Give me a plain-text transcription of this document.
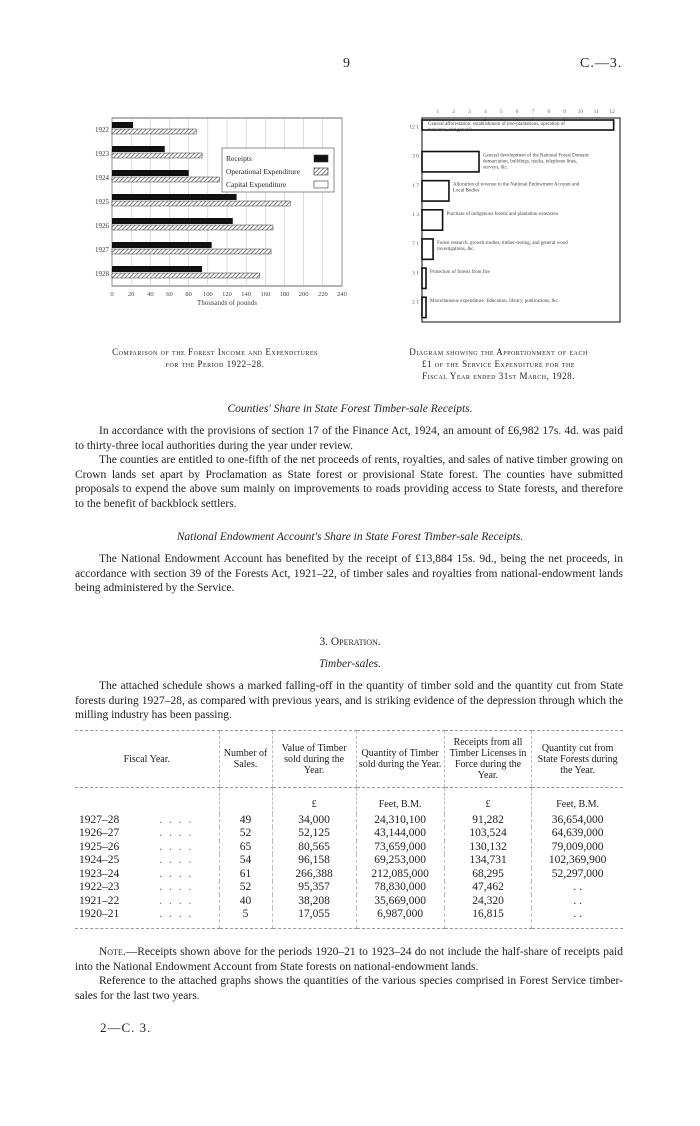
9	C.—3.
0 20 40 60 80 100 120 140 160 180 200 220 240
Thousands of pounds
1922
1923
1924
1925
1926
1927
1928
Receipts
Operational Expenditure
Capital Expenditure
Comparison of the Forest Income and Expenditures
for the Period 1922–28.
1 2 3 4 5 6 7 8 9 10 11 12
12 1
General afforestation: establishment of tree-plantations, operation of
nurseries, and general
3 6	General development of the National Forest Domain:
demarcation, buildings, tracks, telephone lines,
surveys, &c.
1 7	Allocation of revenue to the National Endowment Account and
Local Bodies
1 3	Purchase of indigenous forests and plantation extension
7 1	Forest research, growth studies, timber-testing, and general wood
investigations, &c.
3 1 Protection of forests from fire
2 1 Miscellaneous expenditure: Education, library, publications, &c.
Diagram showing the Apportionment of each
£1 of the Service Expenditure for the
Fiscal Year ended 31st March, 1928.
Counties' Share in State Forest Timber-sale Receipts.

In accordance with the provisions of section 17 of the Finance Act, 1924, an amount of £6,982 17s. 4d. was paid to thirty-three local authorities during the year under review.

The counties are entitled to one-fifth of the net proceeds of rents, royalties, and sales of native timber growing on Crown lands set apart by Proclamation as State forest or provisional State forest. The counties have submitted proposals to expend the above sum mainly on improvements to roads providing access to State forests, and therefore to the benefit of backblock settlers.

National Endowment Account's Share in State Forest Timber-sale Receipts.

The National Endowment Account has benefited by the receipt of £13,884 15s. 9d., being the net proceeds, in accordance with section 39 of the Forests Act, 1921–22, of timber sales and royalties from national-endowment lands being administered by the Service.

3. Operation.
Timber-sales.

The attached schedule shows a marked falling-off in the quantity of timber sold and the quantity cut from State forests during 1927–28, as compared with previous years, and is striking evidence of the depression through which the milling industry has been passing.

Fiscal Year.	Number of Sales.	Value of Timber sold during the Year.	Quantity of Timber sold during the Year.	Receipts from all Timber Licenses in Force during the Year.	Quantity cut from State Forests during the Year.
		£	Feet, B.M.	£	Feet, B.M.
1927–28 . . . .	49	34,000	24,310,100	91,282	36,654,000
1926–27 . . . .	52	52,125	43,144,000	103,524	64,639,000
1925–26 . . . .	65	80,565	73,659,000	130,132	79,009,000
1924–25 . . . .	54	96,158	69,253,000	134,731	102,369,900
1923–24 . . . .	61	266,388	212,085,000	68,295	52,297,000
1922–23 . . . .	52	95,357	78,830,000	47,462	. .
1921–22 . . . .	40	38,208	35,669,000	24,320	. .
1920–21 . . . .	5	17,055	6,987,000	16,815	. .

Note.—Receipts shown above for the periods 1920–21 to 1923–24 do not include the half-share of receipts paid into the National Endowment Account from State forests on national-endowment lands.

Reference to the attached graphs shows the quantities of the various species comprised in Forest Service timber-sales for the last two years.

2—C. 3.
